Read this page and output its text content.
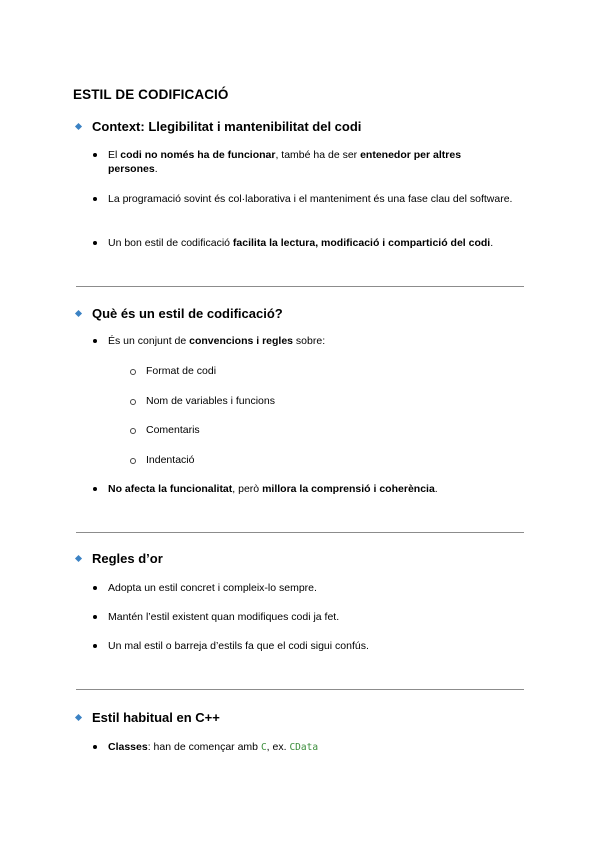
ESTIL DE CODIFICACIÓ
Context: Llegibilitat i mantenibilitat del codi
El codi no només ha de funcionar, també ha de ser entenedor per altres persones.
La programació sovint és col·laborativa i el manteniment és una fase clau del software.
Un bon estil de codificació facilita la lectura, modificació i compartició del codi.
Què és un estil de codificació?
És un conjunt de convencions i regles sobre:
Format de codi
Nom de variables i funcions
Comentaris
Indentació
No afecta la funcionalitat, però millora la comprensió i coherència.
Regles d’or
Adopta un estil concret i compleix-lo sempre.
Mantén l’estil existent quan modifiques codi ja fet.
Un mal estil o barreja d’estils fa que el codi sigui confús.
Estil habitual en C++
Classes: han de començar amb C, ex. CData
